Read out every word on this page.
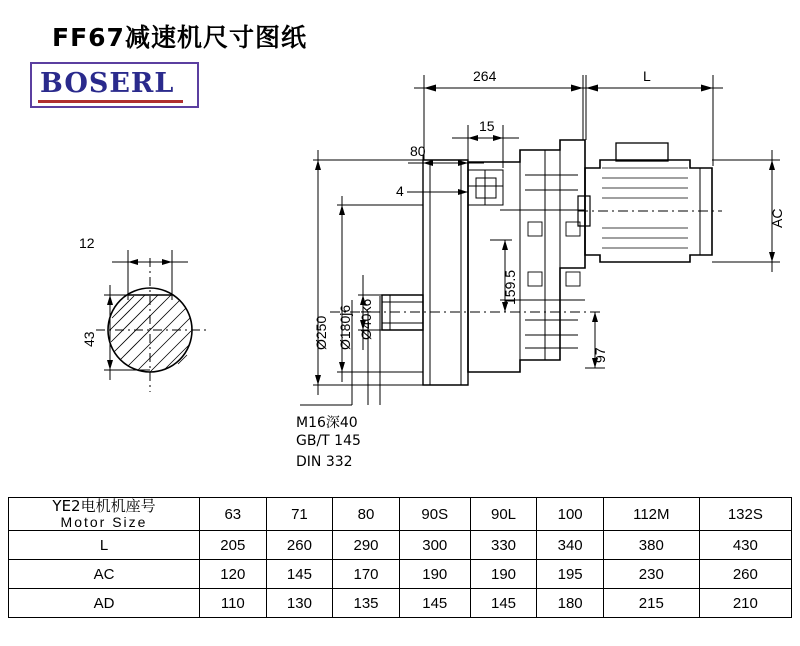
FF67减速机尺寸图纸
BOSERL	264	L
15
80
4
Ø250 Ø180j6 Ø40k6
159.5
97
AC
12
43
M16深40
GB/T 145
DIN 332
YE2电机机座号
Motor Size	63	71	80	90S	90L	100	112M	132S
L	205	260	290	300	330	340	380	430
AC	120	145	170	190	190	195	230	260
AD	110	130	135	145	145	180	215	210
